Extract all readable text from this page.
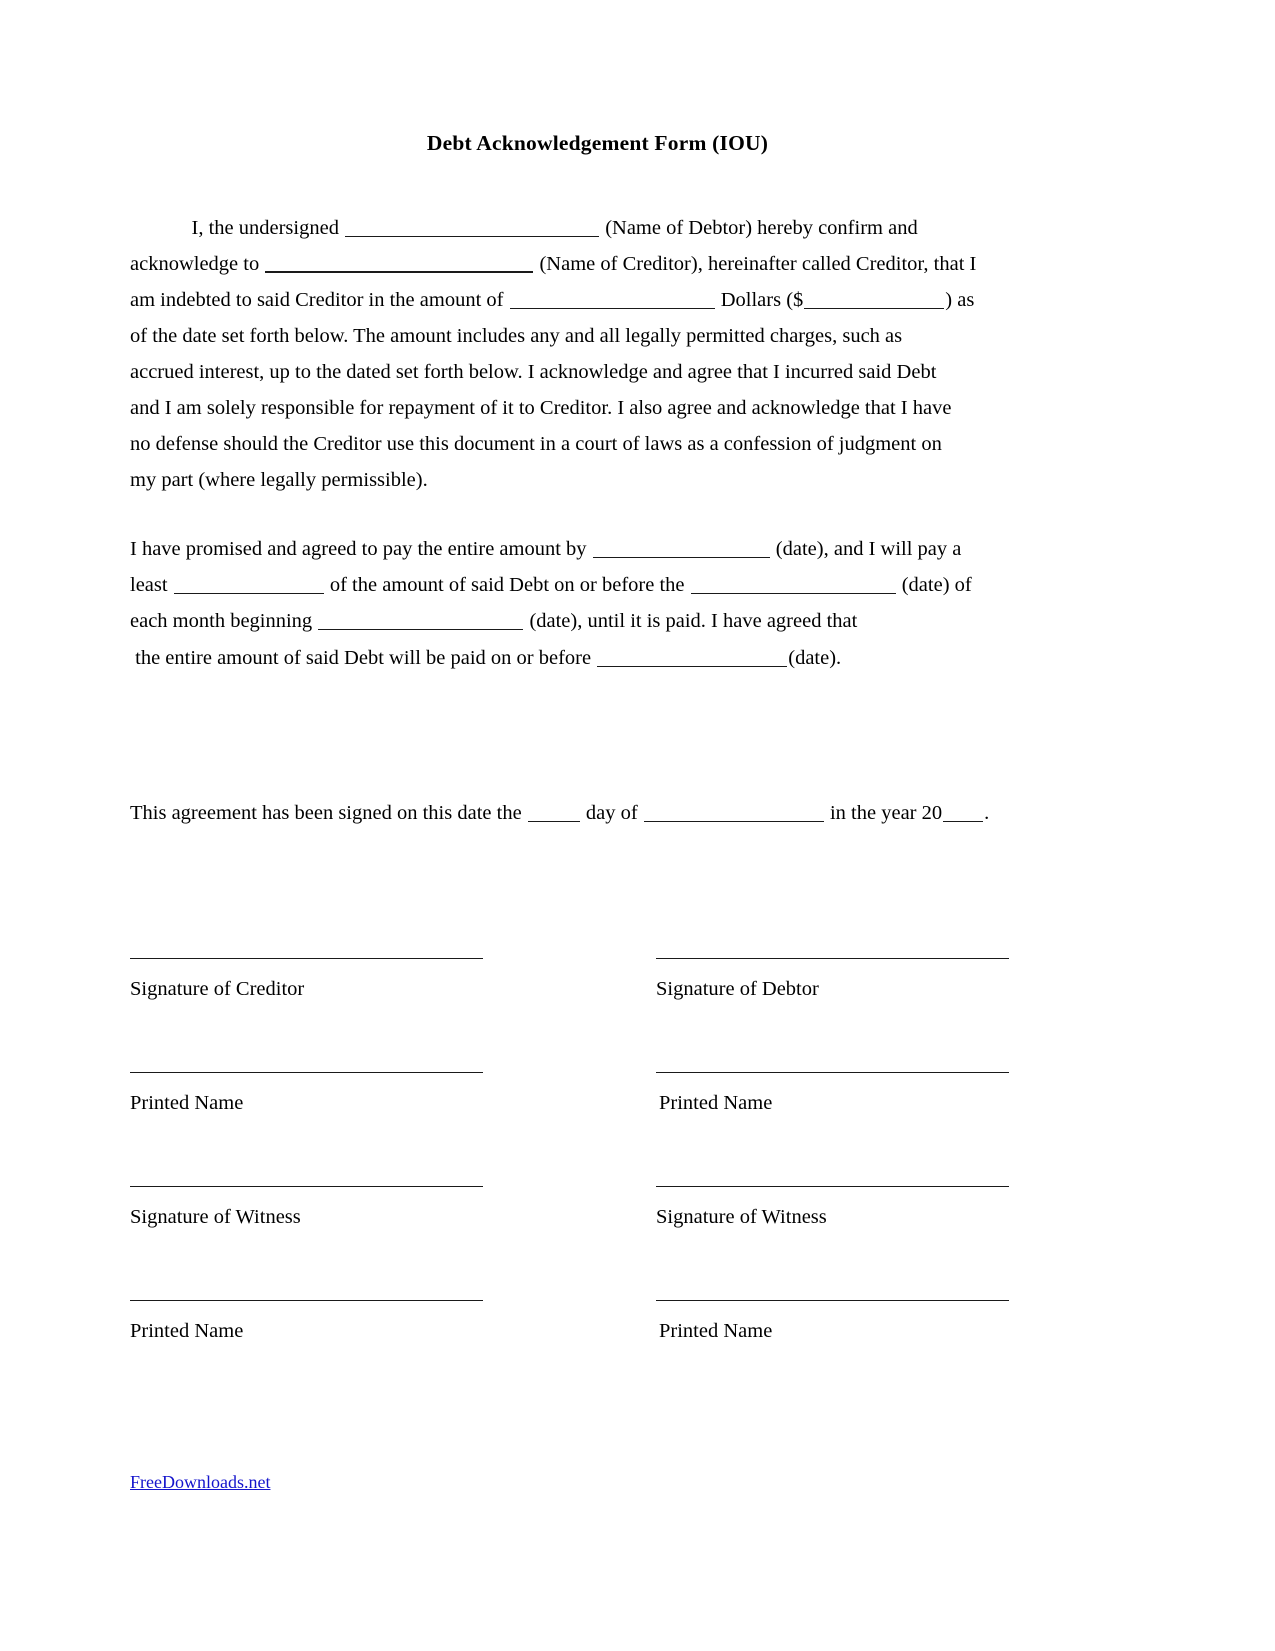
Debt Acknowledgement Form (IOU)
I, the undersigned	(Name of Debtor) hereby confirm and
acknowledge to	(Name of Creditor), hereinafter called Creditor, that I
am indebted to said Creditor in the amount of	Dollars ($	) as
of the date set forth below. The amount includes any and all legally permitted charges, such as
accrued interest, up to the dated set forth below. I acknowledge and agree that I incurred said Debt
and I am solely responsible for repayment of it to Creditor. I also agree and acknowledge that I have
no defense should the Creditor use this document in a court of laws as a confession of judgment on
my part (where legally permissible).
I have promised and agreed to pay the entire amount by	(date), and I will pay a
least	of the amount of said Debt on or before the	(date) of
each month beginning	(date), until it is paid. I have agreed that
the entire amount of said Debt will be paid on or before	(date).
This agreement has been signed on this date the	day of	in the year 20 .
Signature of Creditor	Signature of Debtor
Printed Name	Printed Name
Signature of Witness	Signature of Witness
Printed Name	Printed Name
FreeDownloads.net
